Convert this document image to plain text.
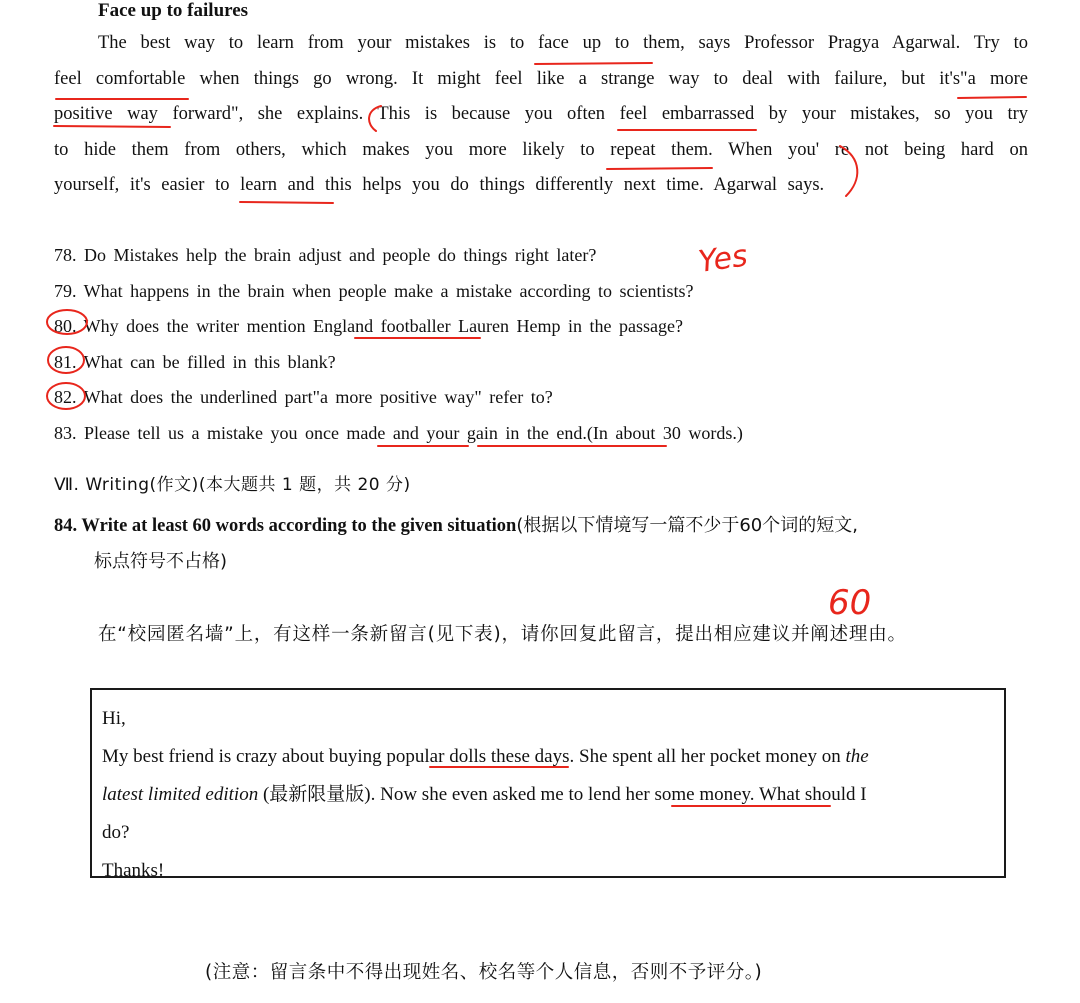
Face up to failures
The best way to learn from your mistakes is to face up to them, says Professor Pragya Agarwal. Try to
feel comfortable when things go wrong. It might feel like a strange way to deal with failure, but it's"a more
positive way forward", she explains. This is because you often feel embarrassed by your mistakes, so you try
to hide them from others, which makes you more likely to repeat them. When you' re not being hard on
yourself, it's easier to learn and this helps you do things differently next time. Agarwal says.
78. Do Mistakes help the brain adjust and people do things right later?
79. What happens in the brain when people make a mistake according to scientists?
80. Why does the writer mention England footballer Lauren Hemp in the passage?
81. What can be filled in this blank?
82. What does the underlined part"a more positive way" refer to?
83. Please tell us a mistake you once made and your gain in the end.(In about 30 words.)
Ⅶ. Writing(作文)(本大题共 1 题，共 20 分)
84. Write at least 60 words according to the given situation(根据以下情境写一篇不少于60个词的短文,
标点符号不占格)
在“校园匿名墙”上，有这样一条新留言(见下表)，请你回复此留言，提出相应建议并阐述理由。
Hi,
My best friend is crazy about buying popular dolls these days. She spent all her pocket money on the
latest limited edition (最新限量版). Now she even asked me to lend her some money. What should I
do?
Thanks!
(注意：留言条中不得出现姓名、校名等个人信息，否则不予评分。)
Yes
60
